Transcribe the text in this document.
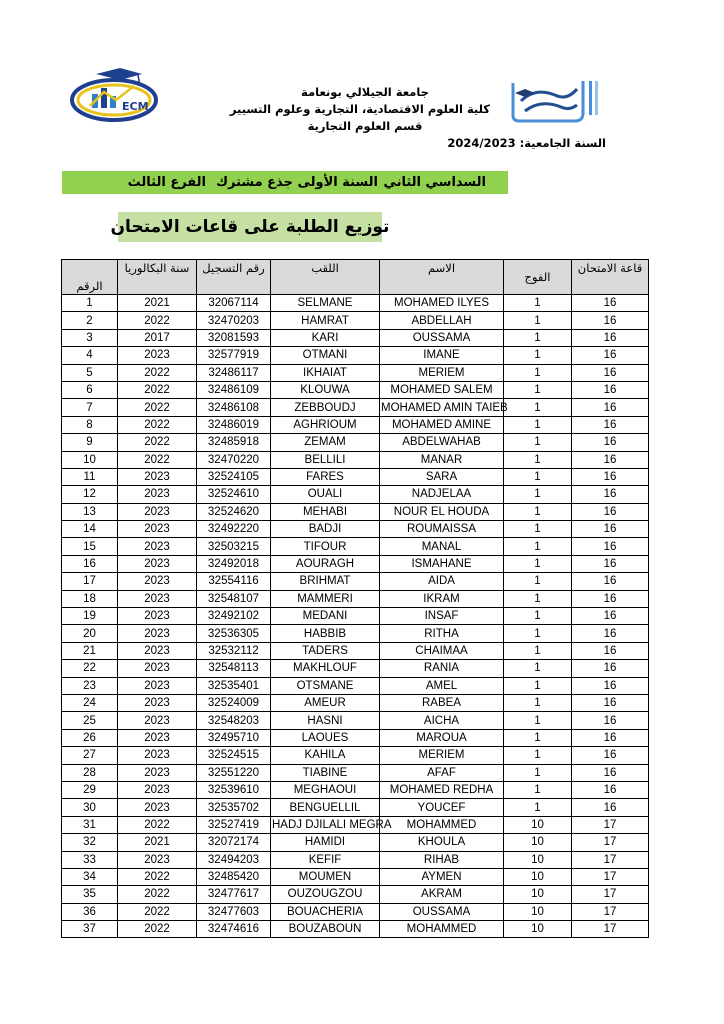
ECM
جامعة الجيلالي بونعامة
كلية العلوم الاقتصادية، التجارية وعلوم التسيير
قسم العلوم التجارية
السنة الجامعية: 2024/2023
السداسي الثاني
السنة الأولى جذع مشترك
الفرع الثالث
توزيع الطلبة على قاعات الامتحان
الرقم	سنة البكالوريا	رقم التسجيل	اللقب	الاسم	الفوج	قاعة الامتحان
1	2021	32067114	SELMANE	MOHAMED ILYES	1	16
2	2022	32470203	HAMRAT	ABDELLAH	1	16
3	2017	32081593	KARI	OUSSAMA	1	16
4	2023	32577919	OTMANI	IMANE	1	16
5	2022	32486117	IKHAIAT	MERIEM	1	16
6	2022	32486109	KLOUWA	MOHAMED SALEM	1	16
7	2022	32486108	ZEBBOUDJ	MOHAMED AMIN TAIEB	1	16
8	2022	32486019	AGHRIOUM	MOHAMED AMINE	1	16
9	2022	32485918	ZEMAM	ABDELWAHAB	1	16
10	2022	32470220	BELLILI	MANAR	1	16
11	2023	32524105	FARES	SARA	1	16
12	2023	32524610	OUALI	NADJELAA	1	16
13	2023	32524620	MEHABI	NOUR EL HOUDA	1	16
14	2023	32492220	BADJI	ROUMAISSA	1	16
15	2023	32503215	TIFOUR	MANAL	1	16
16	2023	32492018	AOURAGH	ISMAHANE	1	16
17	2023	32554116	BRIHMAT	AIDA	1	16
18	2023	32548107	MAMMERI	IKRAM	1	16
19	2023	32492102	MEDANI	INSAF	1	16
20	2023	32536305	HABBIB	RITHA	1	16
21	2023	32532112	TADERS	CHAIMAA	1	16
22	2023	32548113	MAKHLOUF	RANIA	1	16
23	2023	32535401	OTSMANE	AMEL	1	16
24	2023	32524009	AMEUR	RABEA	1	16
25	2023	32548203	HASNI	AICHA	1	16
26	2023	32495710	LAOUES	MAROUA	1	16
27	2023	32524515	KAHILA	MERIEM	1	16
28	2023	32551220	TIABINE	AFAF	1	16
29	2023	32539610	MEGHAOUI	MOHAMED REDHA	1	16
30	2023	32535702	BENGUELLIL	YOUCEF	1	16
31	2022	32527419	HADJ DJILALI MEGRA	MOHAMMED	10	17
32	2021	32072174	HAMIDI	KHOULA	10	17
33	2023	32494203	KEFIF	RIHAB	10	17
34	2022	32485420	MOUMEN	AYMEN	10	17
35	2022	32477617	OUZOUGZOU	AKRAM	10	17
36	2022	32477603	BOUACHERIA	OUSSAMA	10	17
37	2022	32474616	BOUZABOUN	MOHAMMED	10	17
